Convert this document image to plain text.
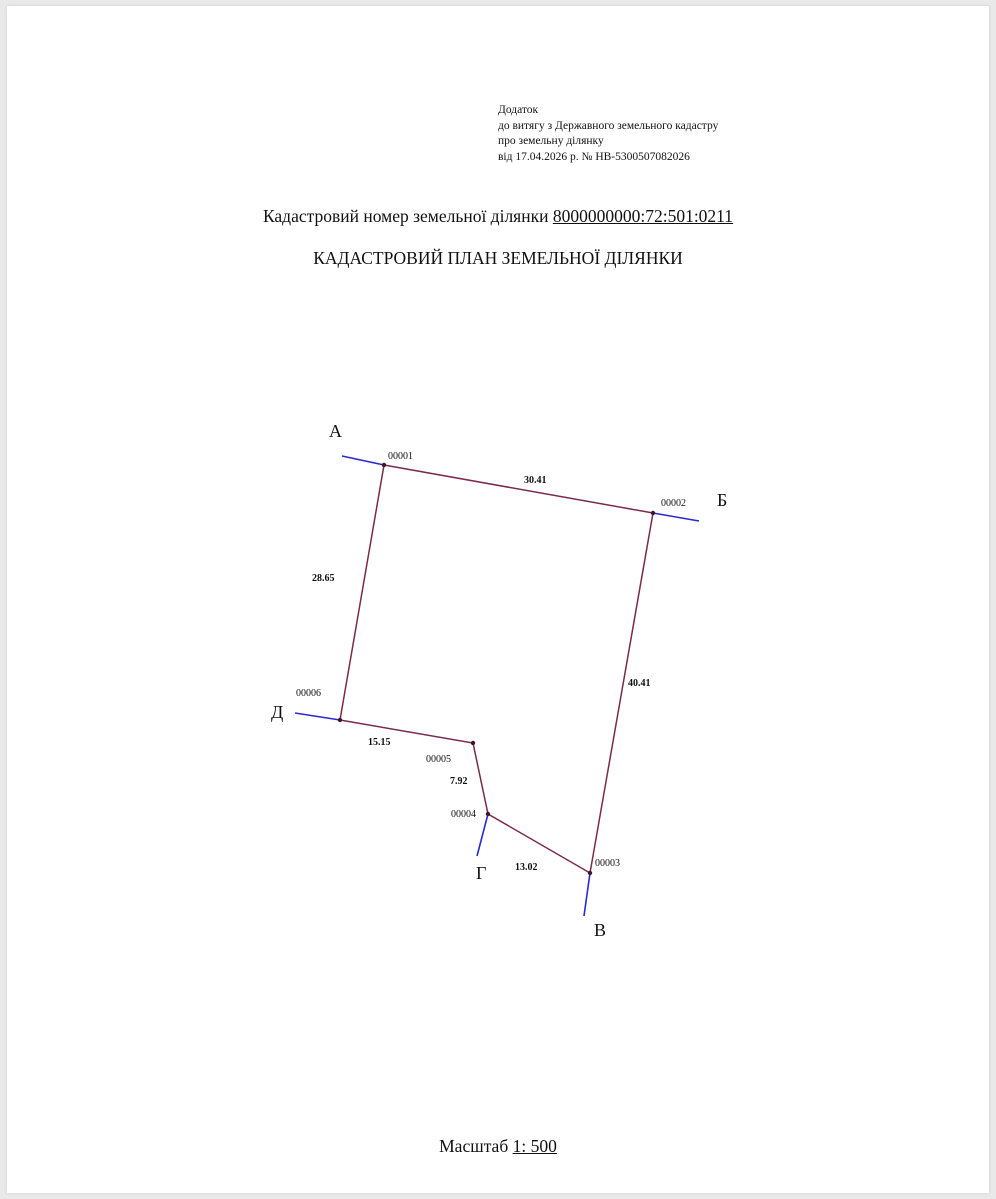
Додаток
до витягу з Державного земельного кадастру
про земельну ділянку
від 17.04.2026 р. № НВ-5300507082026
Кадастровий номер земельної ділянки 8000000000:72:501:0211
КАДАСТРОВИЙ ПЛАН ЗЕМЕЛЬНОЇ ДІЛЯНКИ
00001
00002
00003
00004
00005
00006
30.41
40.41
13.02
7.92
15.15
28.65
А
Б
В
Г
Д
Масштаб 1: 500
